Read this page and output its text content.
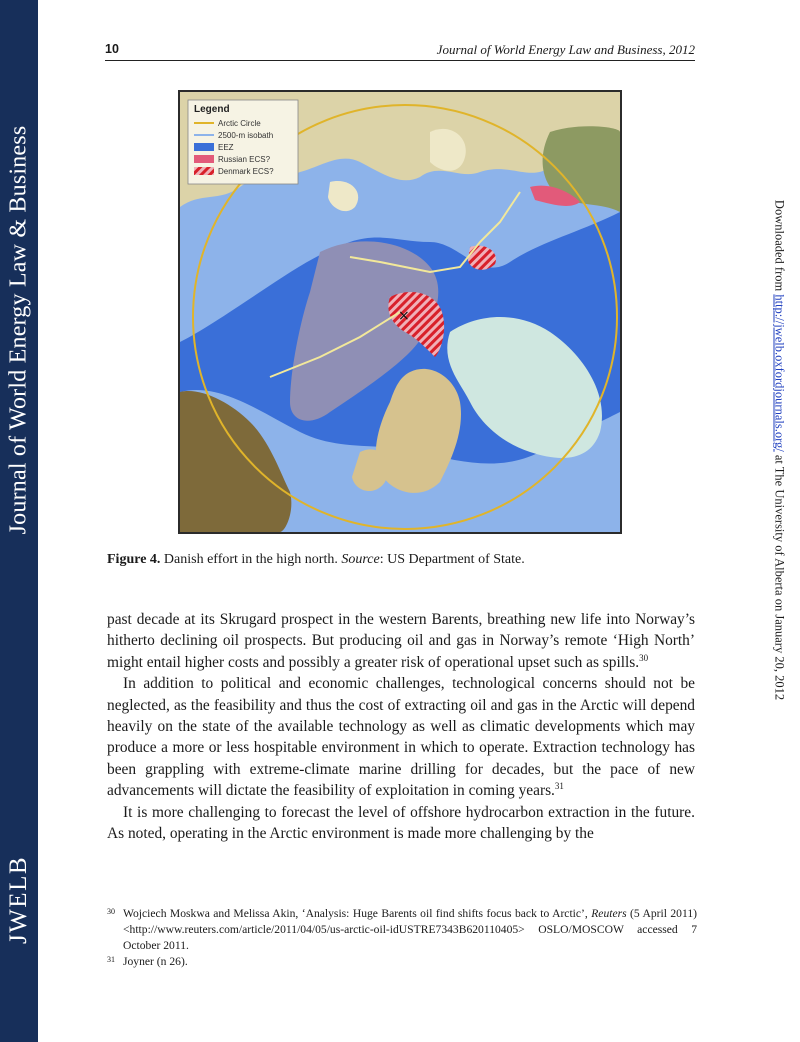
Journal of World Energy Law & Business
JWELB
Downloaded from http://jwelb.oxfordjournals.org/ at The University of Alberta on January 20, 2012
10	Journal of World Energy Law and Business, 2012
×
Legend
Arctic Circle
2500-m isobath
EEZ
Russian ECS?
Denmark ECS?
Figure 4. Danish effort in the high north. Source: US Department of State.

past decade at its Skrugard prospect in the western Barents, breathing new life into Norway’s hitherto declining oil prospects. But producing oil and gas in Norway’s remote ‘High North’ might entail higher costs and possibly a greater risk of operational upset such as spills.$^{30}$

In addition to political and economic challenges, technological concerns should not be neglected, as the feasibility and thus the cost of extracting oil and gas in the Arctic will depend heavily on the state of the available technology as well as climatic developments which may produce a more or less hospitable environment in which to operate. Extraction technology has been grappling with extreme-climate marine drilling for decades, but the pace of new advancements will dictate the feasibility of exploitation in coming years.$^{31}$

It is more challenging to forecast the level of offshore hydrocarbon extraction in the future. As noted, operating in the Arctic environment is made more challenging by the

30 Wojciech Moskwa and Melissa Akin, ‘Analysis: Huge Barents oil find shifts focus back to Arctic’, Reuters (5 April 2011) <http://www.reuters.com/article/2011/04/05/us-arctic-oil-idUSTRE7343B620110405> OSLO/MOSCOW accessed 7 October 2011.
31 Joyner (n 26).
